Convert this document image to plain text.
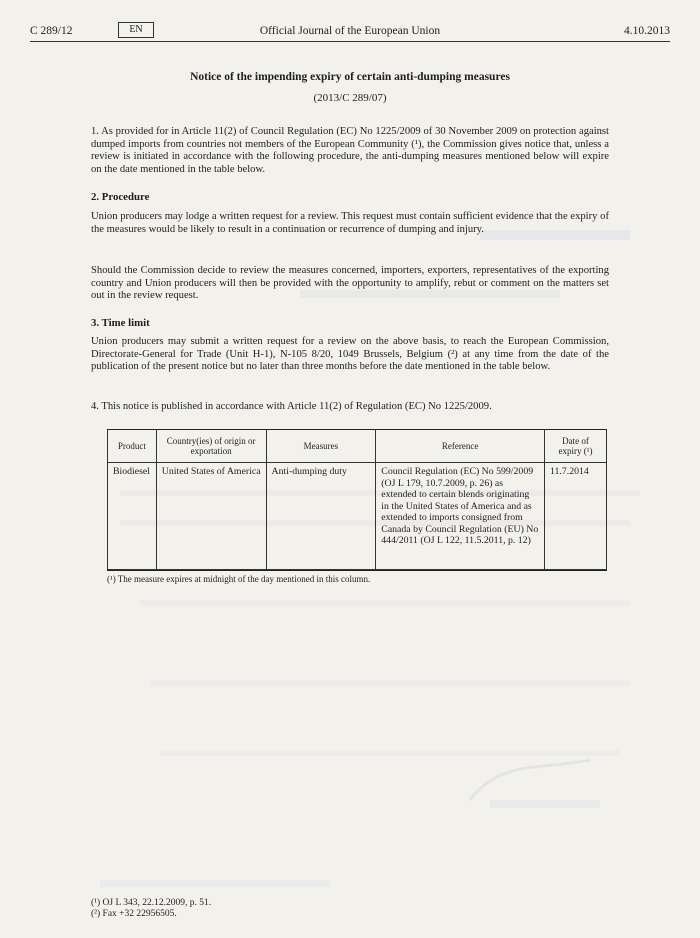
C 289/12	EN	Official Journal of the European Union	4.10.2013
Notice of the impending expiry of certain anti-dumping measures
(2013/C 289/07)
1. As provided for in Article 11(2) of Council Regulation (EC) No 1225/2009 of 30 November 2009 on protection against dumped imports from countries not members of the European Community (¹), the Commission gives notice that, unless a review is initiated in accordance with the following procedure, the anti-dumping measures mentioned below will expire on the date mentioned in the table below.
2. Procedure
Union producers may lodge a written request for a review. This request must contain sufficient evidence that the expiry of the measures would be likely to result in a continuation or recurrence of dumping and injury.
Should the Commission decide to review the measures concerned, importers, exporters, representatives of the exporting country and Union producers will then be provided with the opportunity to amplify, rebut or comment on the matters set out in the review request.
3. Time limit
Union producers may submit a written request for a review on the above basis, to reach the European Commission, Directorate-General for Trade (Unit H-1), N-105 8/20, 1049 Brussels, Belgium (²) at any time from the date of the publication of the present notice but no later than three months before the date mentioned in the table below.
4. This notice is published in accordance with Article 11(2) of Regulation (EC) No 1225/2009.
Product	Country(ies) of origin or exportation	Measures	Reference	Date of expiry (¹)
Biodiesel	United States of America	Anti-dumping duty	Council Regulation (EC) No 599/2009 (OJ L 179, 10.7.2009, p. 26) as extended to certain blends originating in the United States of America and as extended to imports consigned from Canada by Council Regulation (EU) No 444/2011 (OJ L 122, 11.5.2011, p. 12)	11.7.2014
(¹) The measure expires at midnight of the day mentioned in this column.
(¹) OJ L 343, 22.12.2009, p. 51.
(²) Fax +32 22956505.
